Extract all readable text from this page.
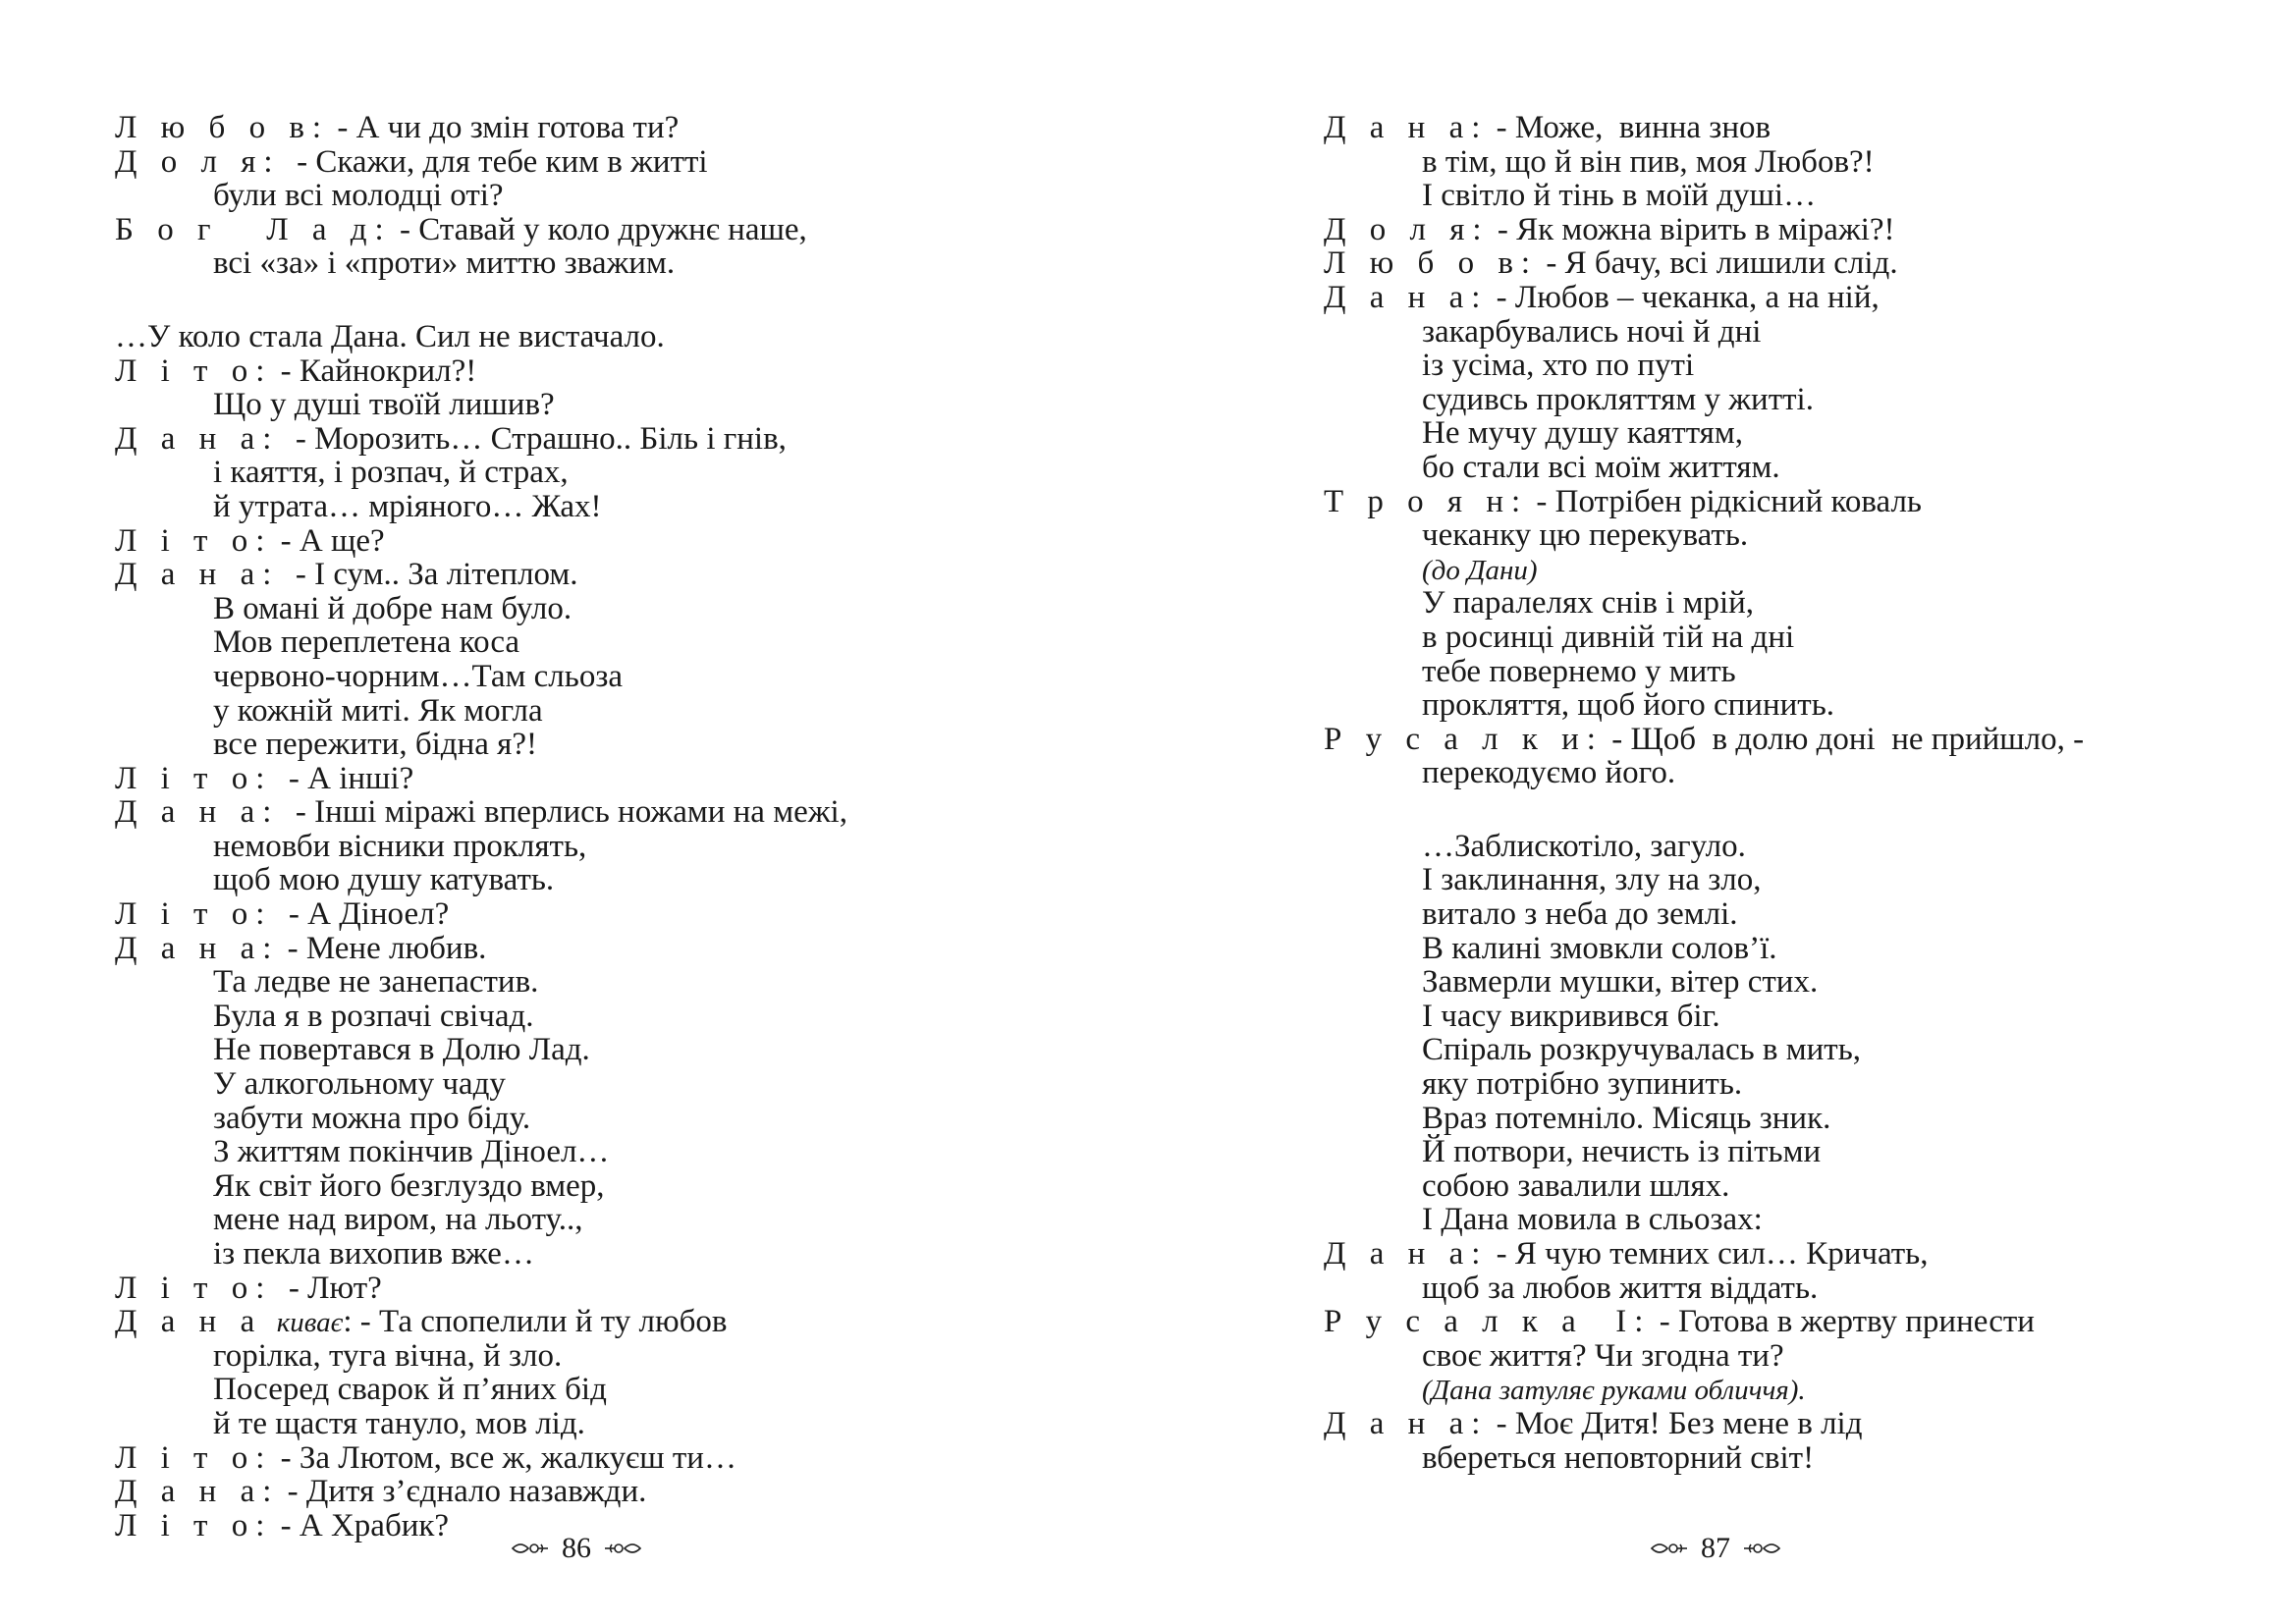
Л ю б о в: - А чи до змін готова ти?
Д о л я:  - Скажи, для тебе ким в житті
були всі молодці оті?
Б о г   Л а д: - Ставай у коло дружнє наше,
всі «за» і «проти» миттю зважим.
…У коло стала Дана. Сил не вистачало.
Л і т о: - Кайнокрил?!
Що у душі твоїй лишив?
Д а н а:  - Морозить… Страшно.. Біль і гнів,
і каяття, і розпач, й страх,
й утрата… мріяного… Жах!
Л і т о: - А ще?
Д а н а:  - І сум.. За літеплом.
В омані й добре нам було.
Мов переплетена коса
червоно-чорним…Там сльоза
у кожній миті. Як могла
все пережити, бідна я?!
Л і т о:  - А інші?
Д а н а:  - Інші міражі вперлись ножами на межі,
немовби вісники проклять,
щоб мою душу катувать.
Л і т о:  - А Діноел?
Д а н а: - Мене любив.
Та ледве не занепастив.
Була я в розпачі свічад.
Не повертався в Долю Лад.
У алкогольному чаду
забути можна про біду.
З життям покінчив Діноел…
Як світ його безглуздо вмер,
мене над виром, на льоту..,
із пекла вихопив вже…
Л і т о:  - Лют?
Д а н а  киває: - Та спопелили й ту любов
горілка, туга вічна, й зло.
Посеред сварок й п’яних бід
й те щастя тануло, мов лід.
Л і т о: - За Лютом, все ж, жалкуєш ти…
Д а н а: - Дитя з’єднало назавжди.
Л і т о: - А Храбик?
86
Д а н а: - Може,  винна знов
в тім, що й він пив, моя Любов?!
І світло й тінь в моїй душі…
Д о л я: - Як можна вірить в міражі?!
Л ю б о в: - Я бачу, всі лишили слід.
Д а н а: - Любов – чеканка, а на ній,
закарбувались ночі й дні
із усіма, хто по путі
судивсь прокляттям у житті.
Не мучу душу каяттям,
бо стали всі моїм життям.
Т р о я н: - Потрібен рідкісний коваль
чеканку цю перекувать.
(до Дани)
У паралелях снів і мрій,
в росинці дивній тій на дні
тебе повернемо у мить
прокляття, щоб його спинить.
Р у с а л к и: - Щоб  в долю доні  не прийшло, -
перекодуємо його.
…Заблискотіло, загуло.
І заклинання, злу на зло,
витало з неба до землі.
В калині змовкли солов’ї.
Завмерли мушки, вітер стих.
І часу викривився біг.
Спіраль розкручувалась в мить,
яку потрібно зупинить.
Враз потемніло. Місяць зник.
Й потвори, нечисть із пітьми
собою завалили шлях.
І Дана мовила в сльозах:
Д а н а: - Я чую темних сил… Кричать,
щоб за любов життя віддать.
Р у с а л к а  І: - Готова в жертву принести
своє життя? Чи згодна ти?
(Дана затуляє руками обличчя).
Д а н а: - Моє Дитя! Без мене в лід
вбереться неповторний світ!
87
